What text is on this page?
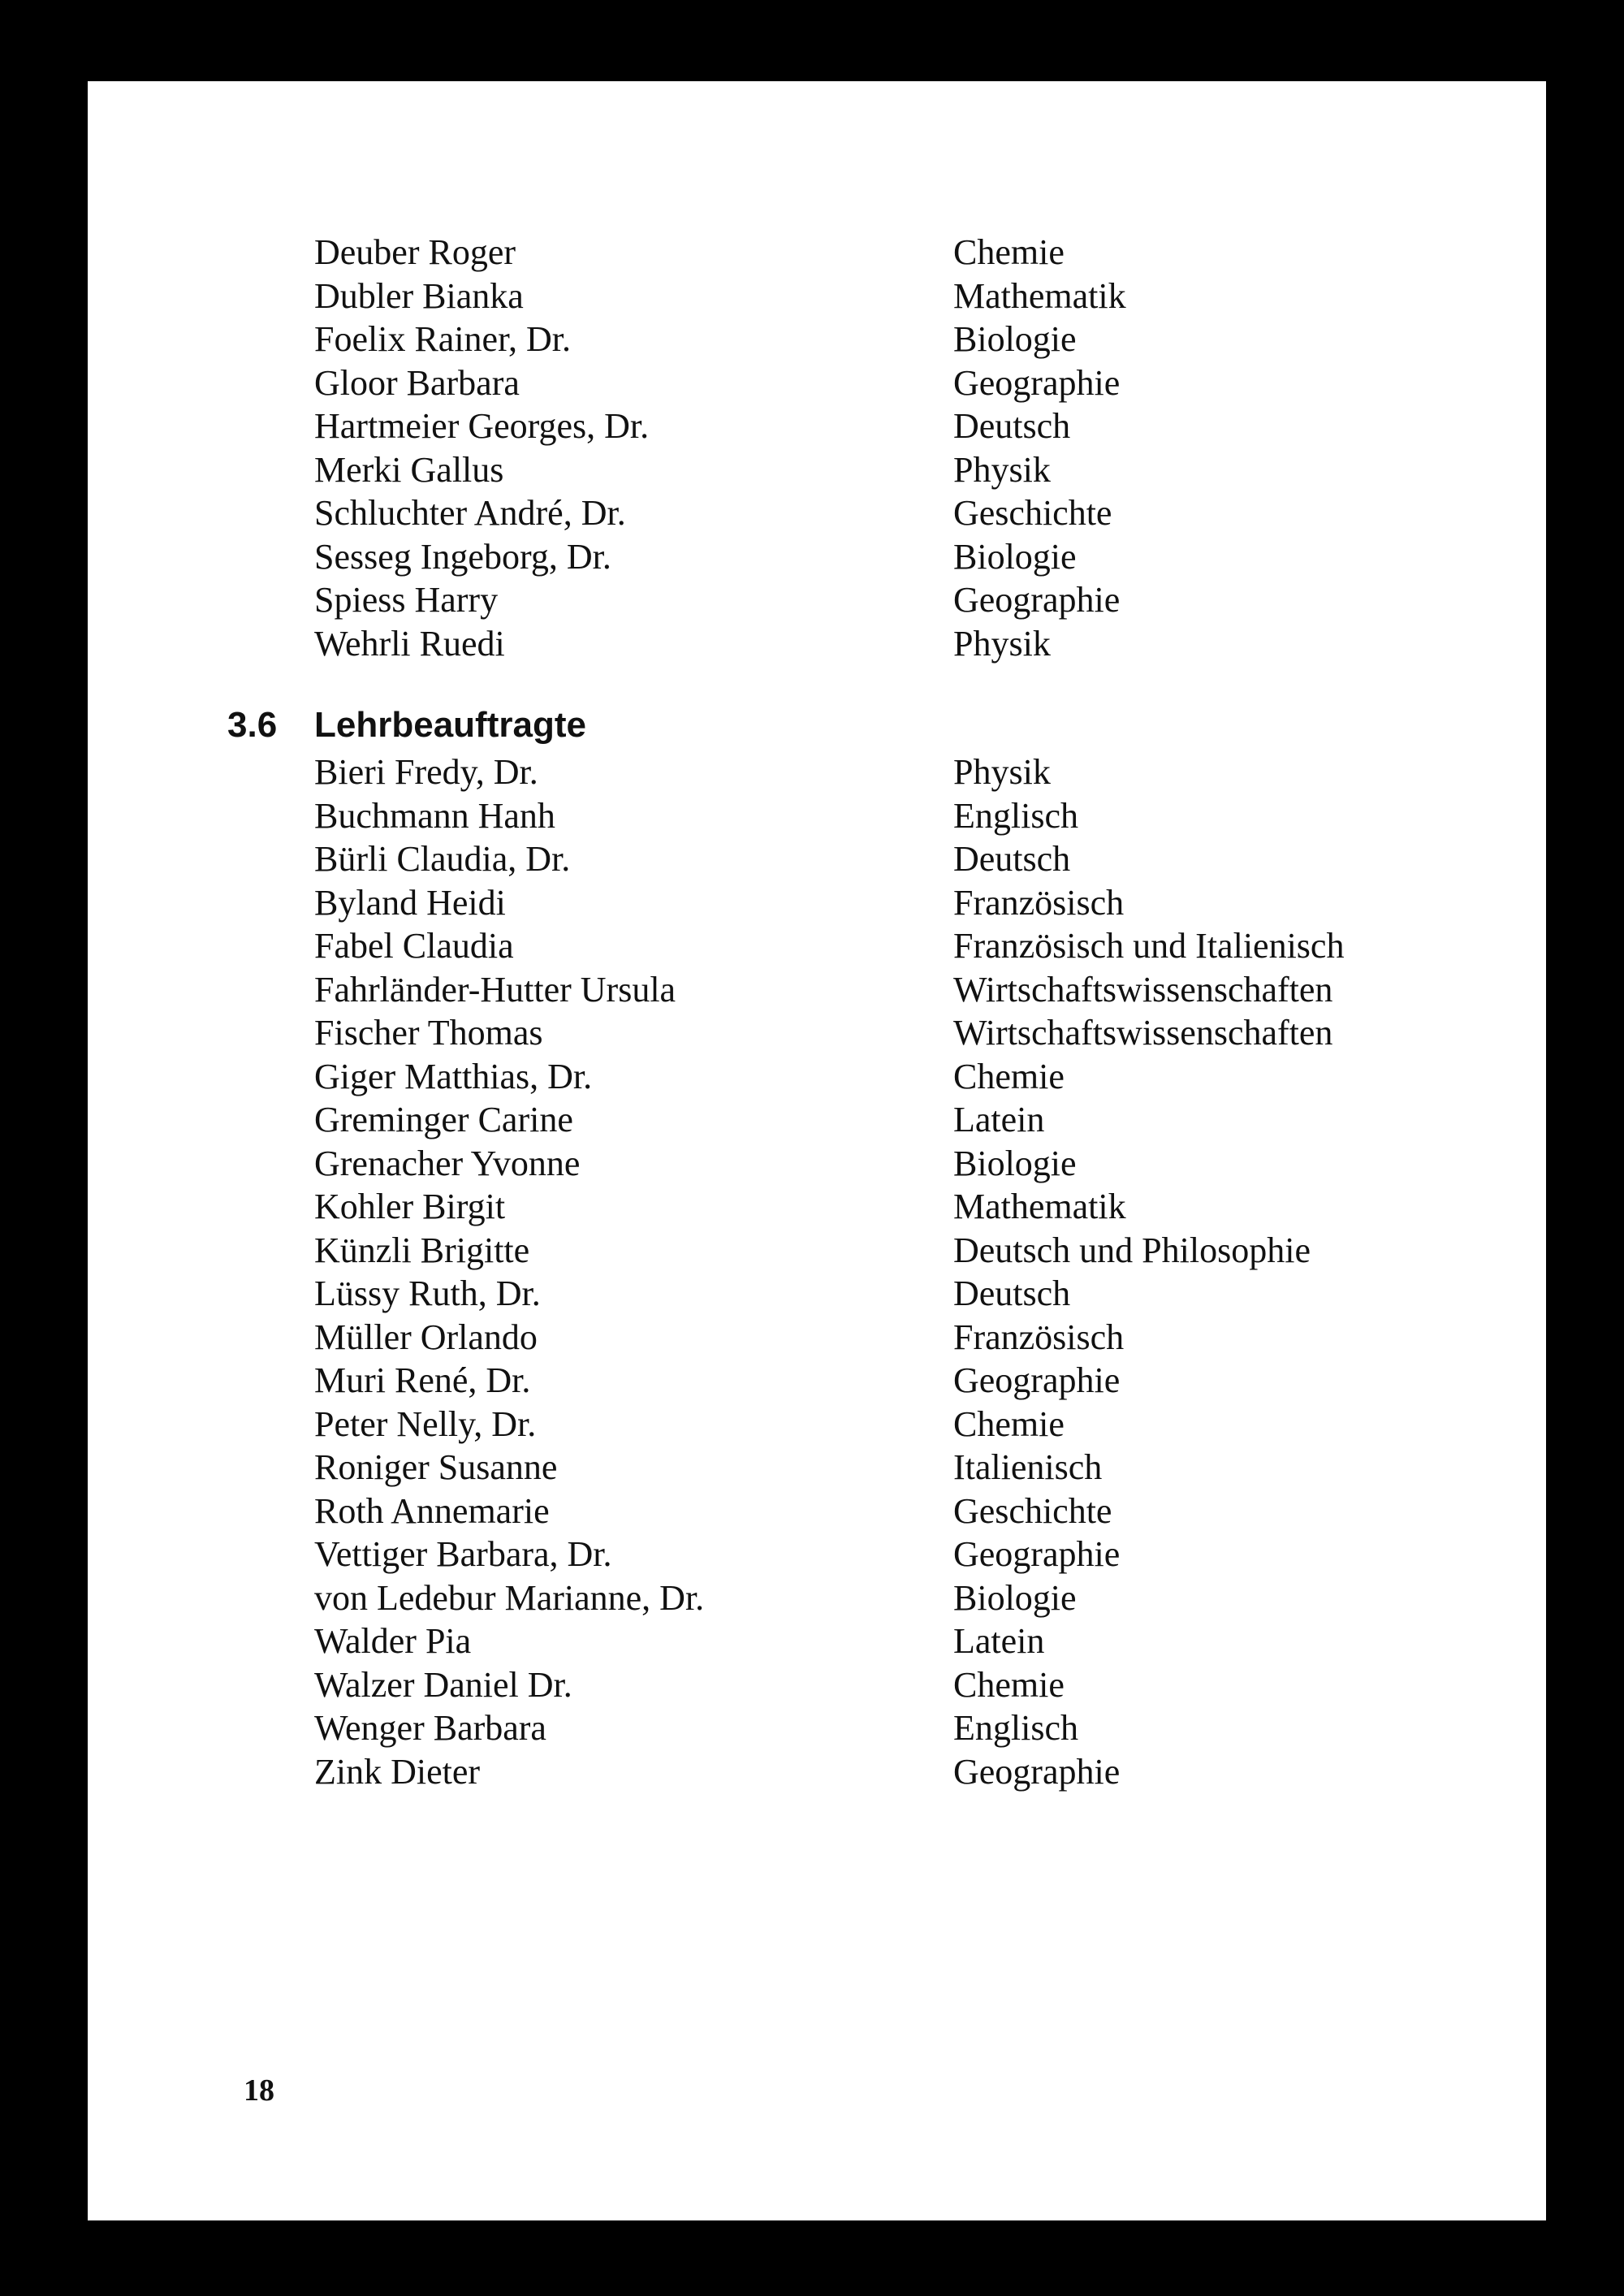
Deuber Roger	Chemie
Dubler Bianka	Mathematik
Foelix Rainer, Dr.	Biologie
Gloor Barbara	Geographie
Hartmeier Georges, Dr.	Deutsch
Merki Gallus	Physik
Schluchter André, Dr.	Geschichte
Sesseg Ingeborg, Dr.	Biologie
Spiess Harry	Geographie
Wehrli Ruedi	Physik
3.6 Lehrbeauftragte
Bieri Fredy, Dr.	Physik
Buchmann Hanh	Englisch
Bürli Claudia, Dr.	Deutsch
Byland Heidi	Französisch
Fabel Claudia	Französisch und Italienisch
Fahrländer-Hutter Ursula	Wirtschaftswissenschaften
Fischer Thomas	Wirtschaftswissenschaften
Giger Matthias, Dr.	Chemie
Greminger Carine	Latein
Grenacher Yvonne	Biologie
Kohler Birgit	Mathematik
Künzli Brigitte	Deutsch und Philosophie
Lüssy Ruth, Dr.	Deutsch
Müller Orlando	Französisch
Muri René, Dr.	Geographie
Peter Nelly, Dr.	Chemie
Roniger Susanne	Italienisch
Roth Annemarie	Geschichte
Vettiger Barbara, Dr.	Geographie
von Ledebur Marianne, Dr.	Biologie
Walder Pia	Latein
Walzer Daniel Dr.	Chemie
Wenger Barbara	Englisch
Zink Dieter	Geographie
18
